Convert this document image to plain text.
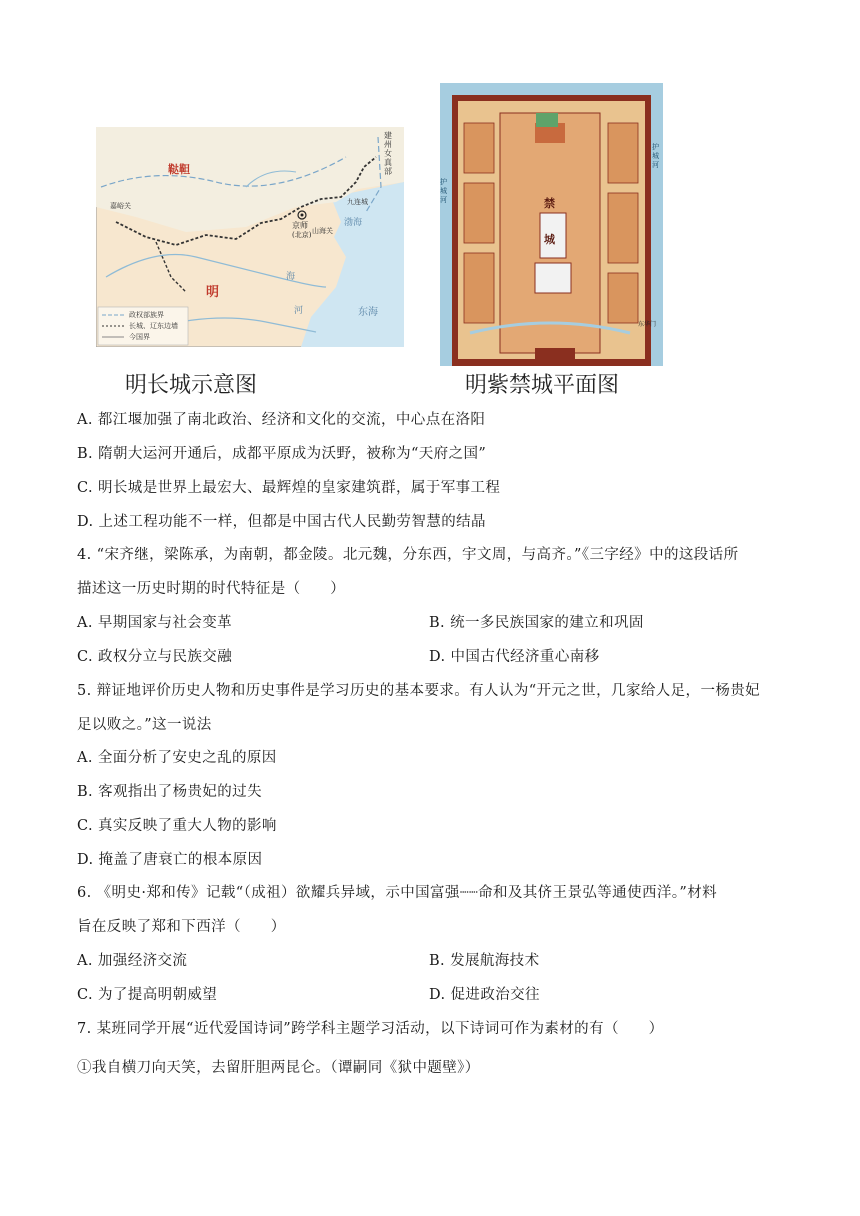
鞑靼
建州女真部
嘉峪关
京师
(北京) 山海关
九连城
渤海
明
海
河	东海
政权部族界
长城、辽东边墙
今国界
明长城示意图
护城河
护城河
禁
城
东华门
明紫禁城平面图
A. 都江堰加强了南北政治、经济和文化的交流，中心点在洛阳
B. 隋朝大运河开通后，成都平原成为沃野，被称为“天府之国”
C. 明长城是世界上最宏大、最辉煌的皇家建筑群，属于军事工程
D. 上述工程功能不一样，但都是中国古代人民勤劳智慧的结晶
4. “宋齐继，梁陈承，为南朝，都金陵。北元魏，分东西，宇文周，与高齐。”《三字经》中的这段话所
描述这一历史时期的时代特征是（　　）
A. 早期国家与社会变革	B. 统一多民族国家的建立和巩固
C. 政权分立与民族交融	D. 中国古代经济重心南移
5. 辩证地评价历史人物和历史事件是学习历史的基本要求。有人认为“开元之世，几家给人足，一杨贵妃
足以败之。”这一说法
A. 全面分析了安史之乱的原因
B. 客观指出了杨贵妃的过失
C. 真实反映了重大人物的影响
D. 掩盖了唐衰亡的根本原因
6. 《明史·郑和传》记载“（成祖）欲耀兵异域，示中国富强┈┈命和及其侪王景弘等通使西洋。”材料
旨在反映了郑和下西洋（　　）
A. 加强经济交流	B. 发展航海技术
C. 为了提高明朝威望	D. 促进政治交往
7. 某班同学开展“近代爱国诗词”跨学科主题学习活动，以下诗词可作为素材的有（　　）
①我自横刀向天笑，去留肝胆两昆仑。（谭嗣同《狱中题壁》）
